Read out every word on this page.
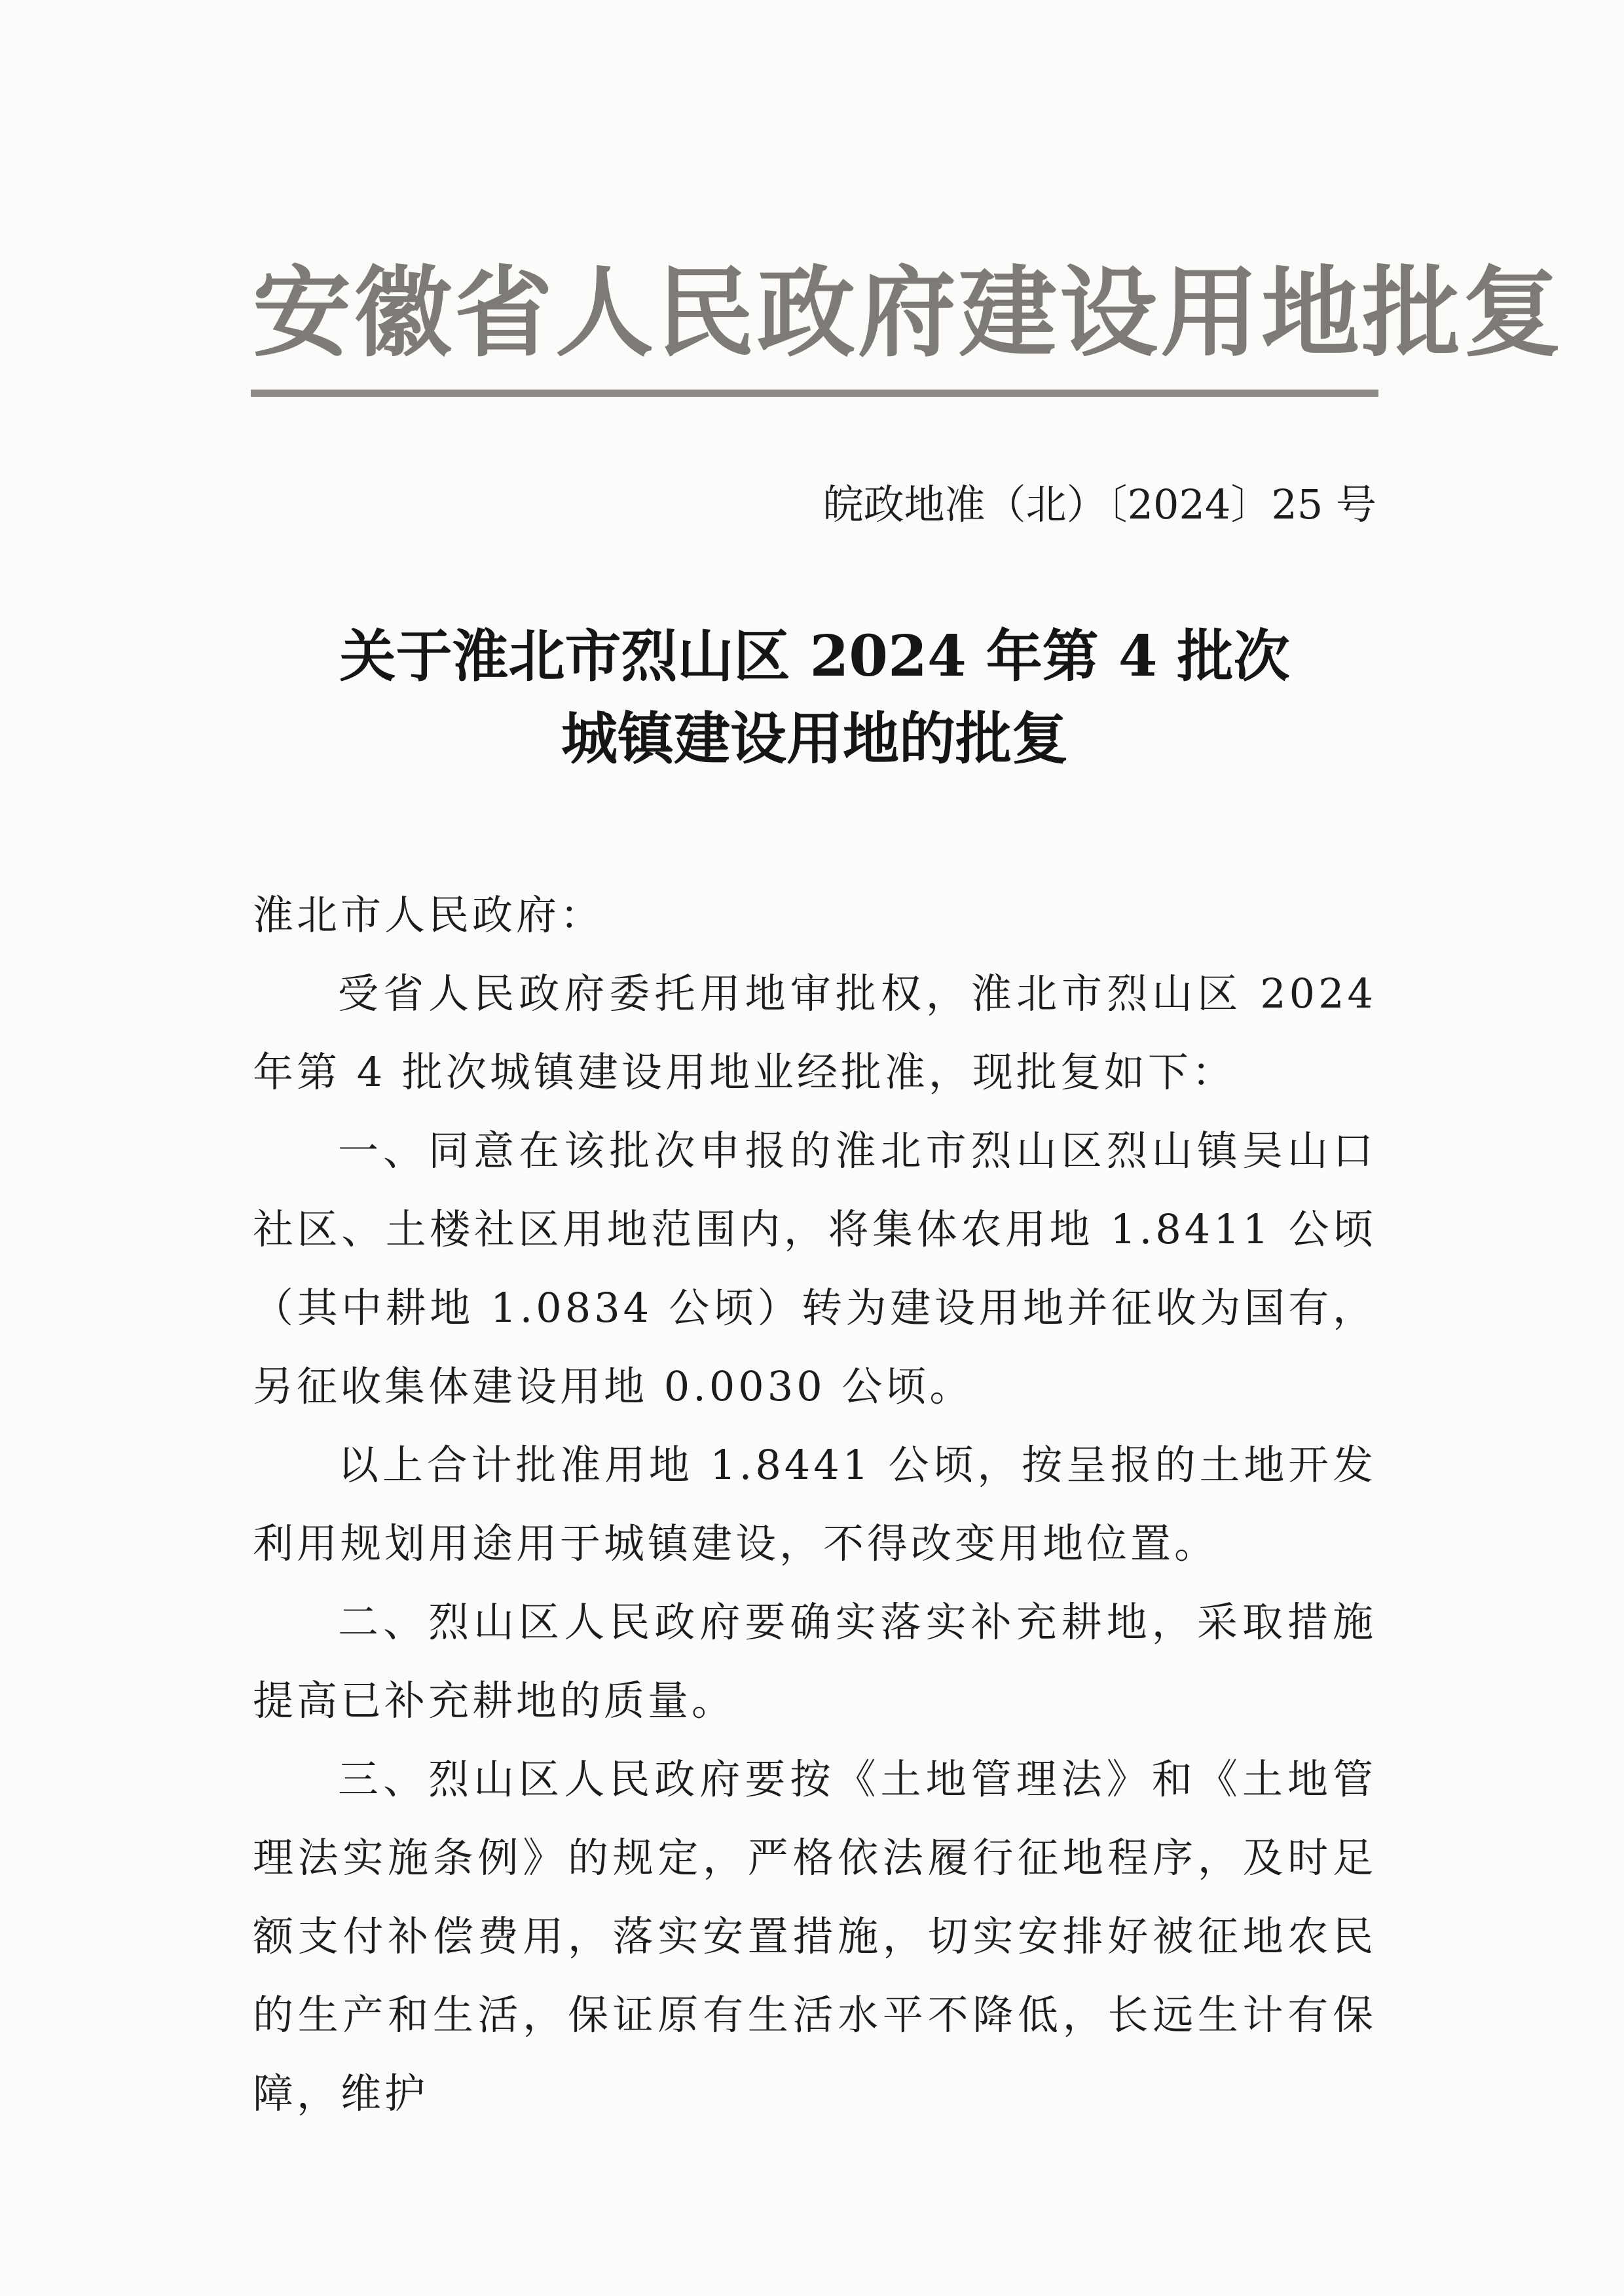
安徽省人民政府建设用地批复
皖政地准（北）〔2024〕25 号
关于淮北市烈山区 2024 年第 4 批次
城镇建设用地的批复
淮北市人民政府：
受省人民政府委托用地审批权，淮北市烈山区 2024 年第 4 批次城镇建设用地业经批准，现批复如下：
一、同意在该批次申报的淮北市烈山区烈山镇吴山口社区、土楼社区用地范围内，将集体农用地 1.8411 公顷（其中耕地 1.0834 公顷）转为建设用地并征收为国有，另征收集体建设用地 0.0030 公顷。
以上合计批准用地 1.8441 公顷，按呈报的土地开发利用规划用途用于城镇建设，不得改变用地位置。
二、烈山区人民政府要确实落实补充耕地，采取措施提高已补充耕地的质量。
三、烈山区人民政府要按《土地管理法》和《土地管理法实施条例》的规定，严格依法履行征地程序，及时足额支付补偿费用，落实安置措施，切实安排好被征地农民的生产和生活，保证原有生活水平不降低，长远生计有保障，维护
